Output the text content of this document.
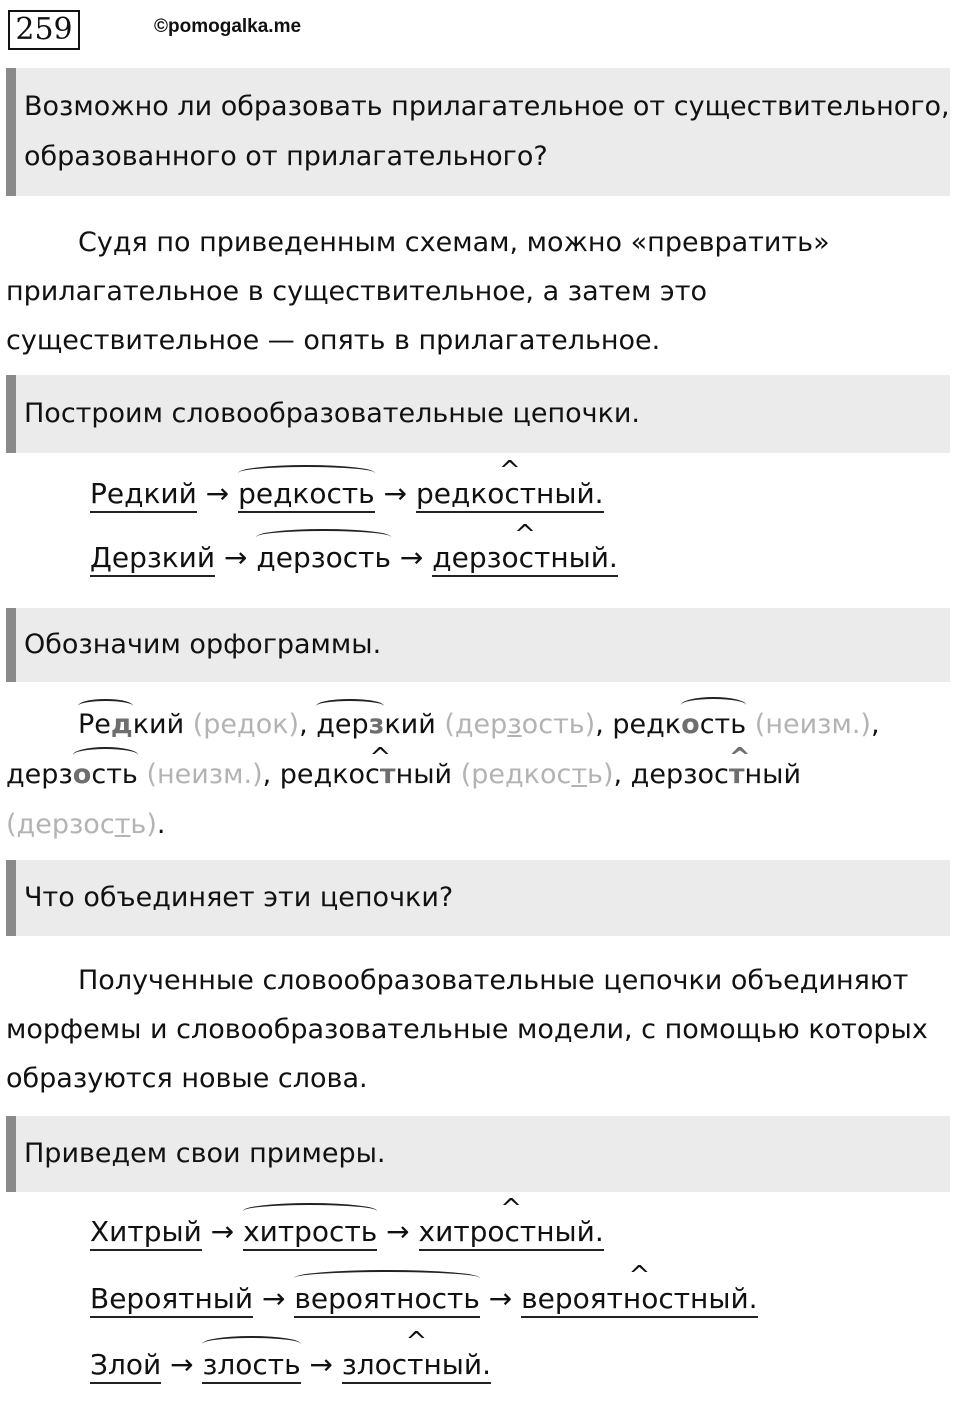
259	©pomogalka.me
Возможно ли образовать прилагательное от существительного, образованного от прилагательного?

Судя по приведенным схемам, можно «превратить» прилагательное в существительное, а затем это существительное — опять в прилагательное.

Построим словообразовательные цепочки.
Редкий → редкость → ^ редкостный.
Дерзкий → дерзость → ^ дерзостный.
Обозначим орфограммы.

Редкий (редок), дерзкий (дерзость), редкость (неизм.), дерзость (неизм.), редко^ стный (редкость), дерзос^ тный (дерзость).

Что объединяет эти цепочки?

Полученные словообразовательные цепочки объединяют морфемы и словообразовательные модели, с помощью которых образуются новые слова.

Приведем свои примеры.
Хитрый → хитрость → ^ хитростный.
Вероятный → вероятность → ^ вероятностный.
Злой → злость → ^ злостный.
